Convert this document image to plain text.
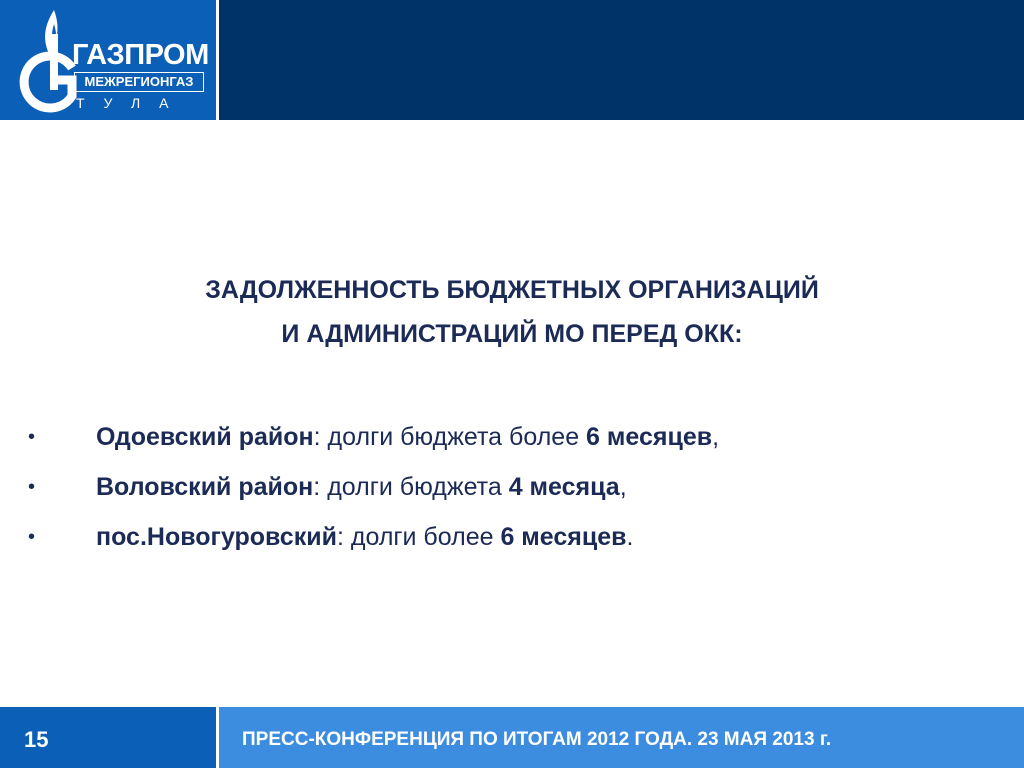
ГАЗПРОМ
МЕЖРЕГИОНГАЗ
ТУЛА
ЗАДОЛЖЕННОСТЬ БЮДЖЕТНЫХ ОРГАНИЗАЦИЙ
И АДМИНИСТРАЦИЙ МО ПЕРЕД ОКК:
• Одоевский район: долги бюджета более 6 месяцев,
• Воловский район: долги бюджета 4 месяца,
• пос.Новогуровский: долги более 6 месяцев.
15	ПРЕСС-КОНФЕРЕНЦИЯ ПО ИТОГАМ 2012 ГОДА. 23 МАЯ 2013 г.
